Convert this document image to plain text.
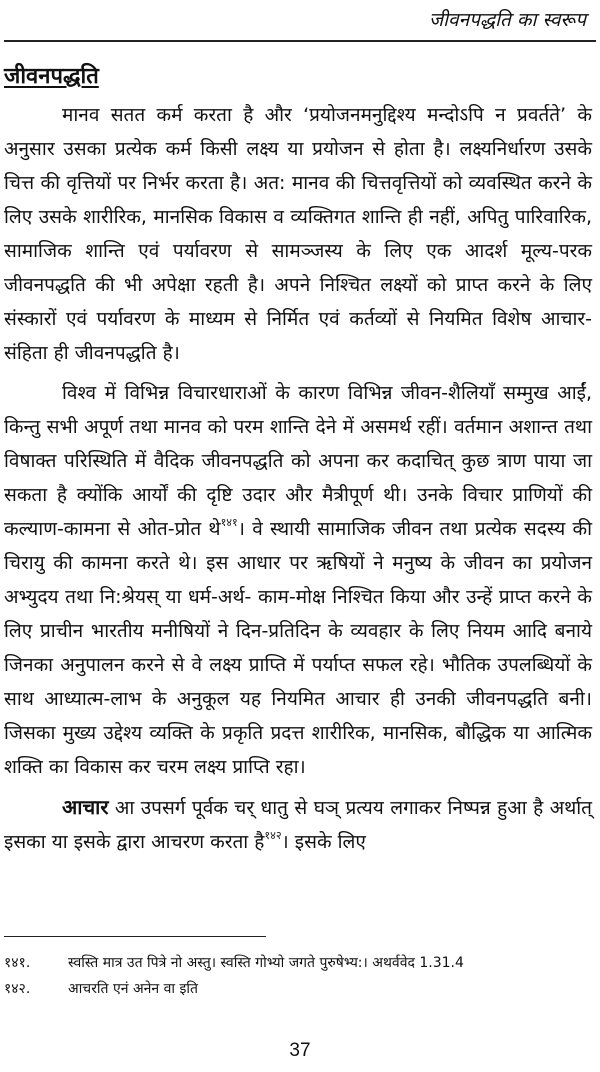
जीवनपद्धति का स्वरूप
जीवनपद्धति

मानव सतत कर्म करता है और ‘प्रयोजनमनुद्दिश्य मन्दोऽपि न प्रवर्तते’ के अनुसार उसका प्रत्येक कर्म किसी लक्ष्य या प्रयोजन से होता है। लक्ष्यनिर्धारण उसके चित्त की वृत्तियों पर निर्भर करता है। अत: मानव की चित्तवृत्तियों को व्यवस्थित करने के लिए उसके शारीरिक, मानसिक विकास व व्यक्तिगत शान्ति ही नहीं, अपितु पारिवारिक, सामाजिक शान्ति एवं पर्यावरण से सामञ्जस्य के लिए एक आदर्श मूल्य-परक जीवनपद्धति की भी अपेक्षा रहती है। अपने निश्चित लक्ष्यों को प्राप्त करने के लिए संस्कारों एवं पर्यावरण के माध्यम से निर्मित एवं कर्तव्यों से नियमित विशेष आचार-संहिता ही जीवनपद्धति है।

विश्व में विभिन्न विचारधाराओं के कारण विभिन्न जीवन-शैलियाँ सम्मुख आईं, किन्तु सभी अपूर्ण तथा मानव को परम शान्ति देने में असमर्थ रहीं। वर्तमान अशान्त तथा विषाक्त परिस्थिति में वैदिक जीवनपद्धति को अपना कर कदाचित् कुछ त्राण पाया जा सकता है क्योंकि आर्यों की दृष्टि उदार और मैत्रीपूर्ण थी। उनके विचार प्राणियों की कल्याण-कामना से ओत-प्रोत थे$^{१४१}$। वे स्थायी सामाजिक जीवन तथा प्रत्येक सदस्य की चिरायु की कामना करते थे। इस आधार पर ऋषियों ने मनुष्य के जीवन का प्रयोजन अभ्युदय तथा नि:श्रेयस् या धर्म-अर्थ- काम-मोक्ष निश्चित किया और उन्हें प्राप्त करने के लिए प्राचीन भारतीय मनीषियों ने दिन-प्रतिदिन के व्यवहार के लिए नियम आदि बनाये जिनका अनुपालन करने से वे लक्ष्य प्राप्ति में पर्याप्त सफल रहे। भौतिक उपलब्धियों के साथ आध्यात्म-लाभ के अनुकूल यह नियमित आचार ही उनकी जीवनपद्धति बनी। जिसका मुख्य उद्देश्य व्यक्ति के प्रकृति प्रदत्त शारीरिक, मानसिक, बौद्धिक या आत्मिक शक्ति का विकास कर चरम लक्ष्य प्राप्ति रहा।

आचार आ उपसर्ग पूर्वक चर् धातु से घञ् प्रत्यय लगाकर निष्पन्न हुआ है अर्थात् इसका या इसके द्वारा आचरण करता है$^{१४२}$। इसके लिए

१४१.	स्वस्ति मात्र उत पित्रे नो अस्तु। स्वस्ति गोभ्यो जगते पुरुषेभ्य:। अथर्ववेद 1.31.4
१४२.	आचरति एनं अनेन वा इति
37
